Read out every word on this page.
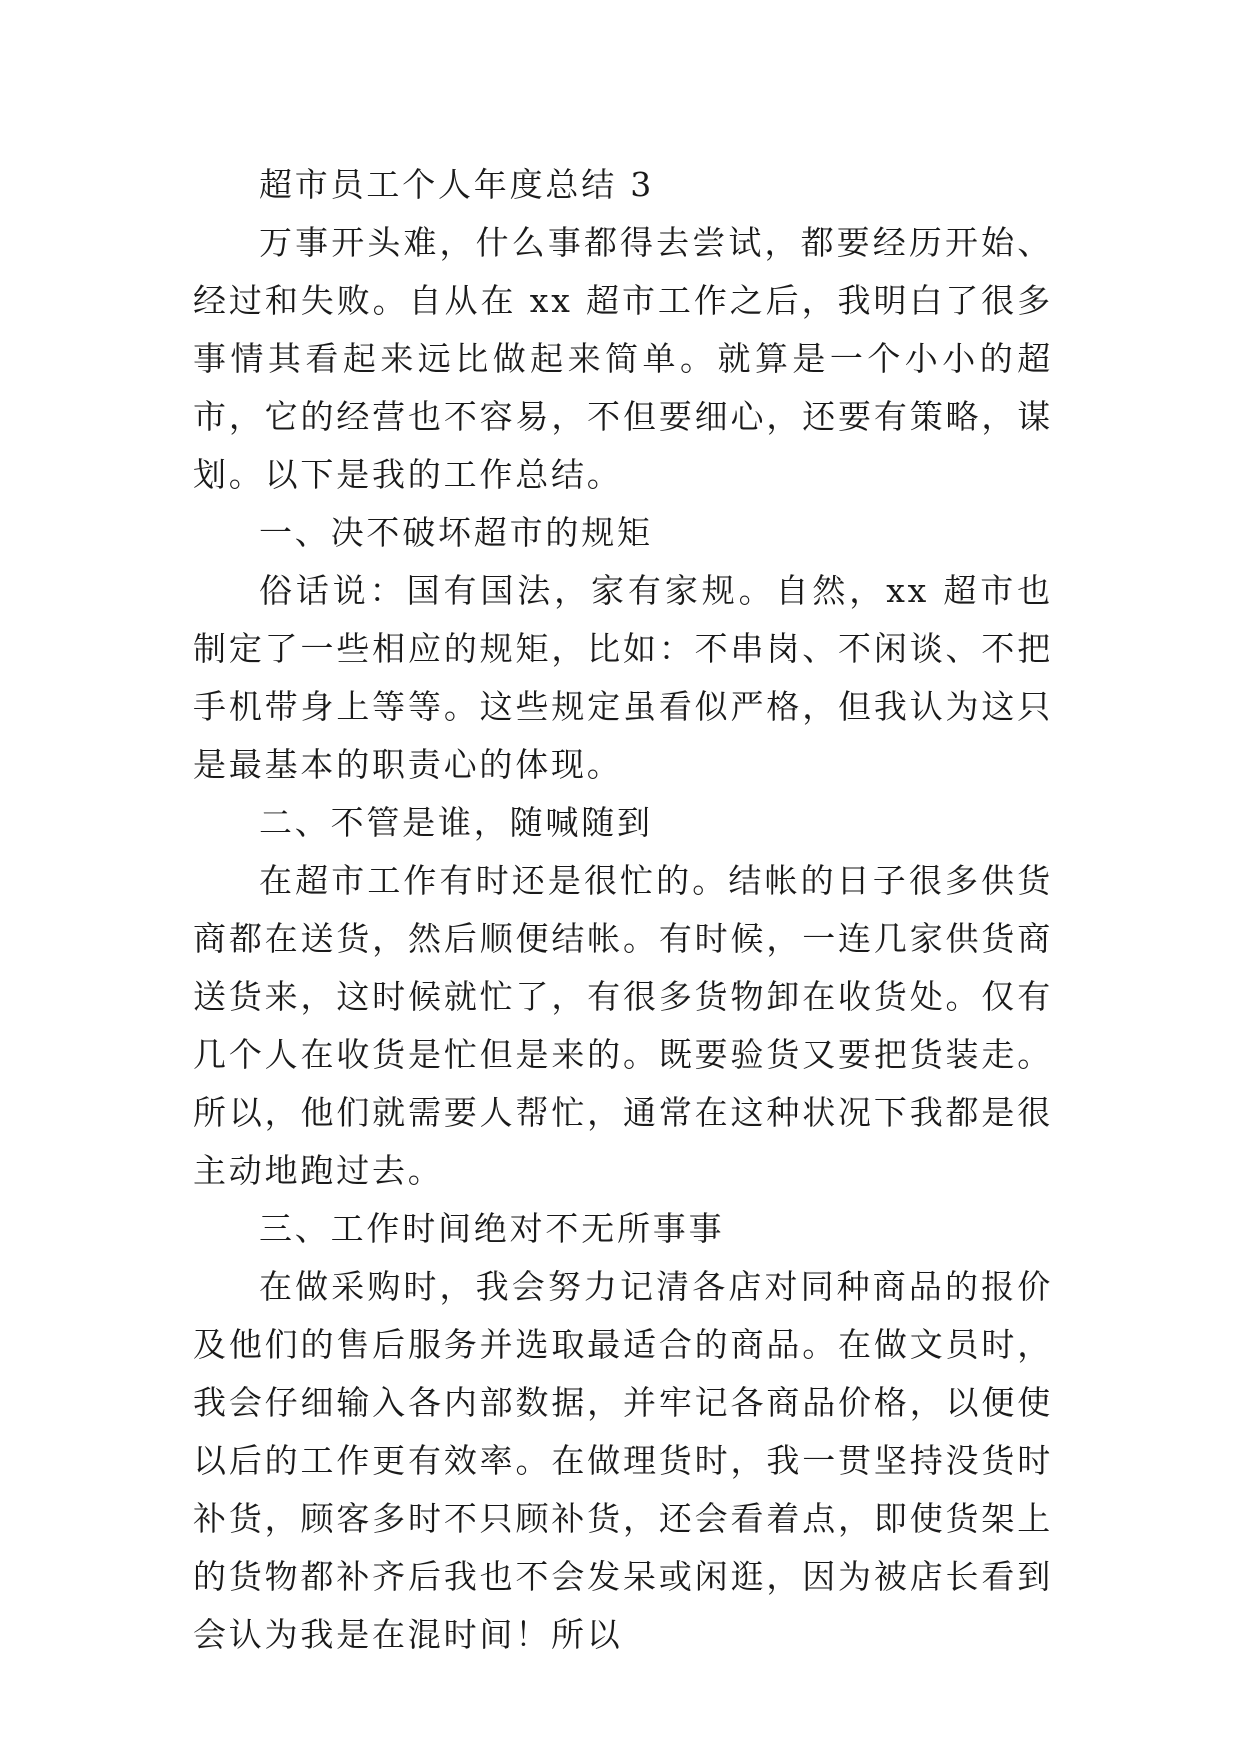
超市员工个人年度总结 3

万事开头难，什么事都得去尝试，都要经历开始、经过和失败。自从在 xx 超市工作之后，我明白了很多事情其看起来远比做起来简单。就算是一个小小的超市，它的经营也不容易，不但要细心，还要有策略，谋划。以下是我的工作总结。

一、决不破坏超市的规矩

俗话说：国有国法，家有家规。自然，xx 超市也制定了一些相应的规矩，比如：不串岗、不闲谈、不把手机带身上等等。这些规定虽看似严格，但我认为这只是最基本的职责心的体现。

二、不管是谁，随喊随到

在超市工作有时还是很忙的。结帐的日子很多供货商都在送货，然后顺便结帐。有时候，一连几家供货商送货来，这时候就忙了，有很多货物卸在收货处。仅有几个人在收货是忙但是来的。既要验货又要把货装走。所以，他们就需要人帮忙，通常在这种状况下我都是很主动地跑过去。

三、工作时间绝对不无所事事

在做采购时，我会努力记清各店对同种商品的报价及他们的售后服务并选取最适合的商品。在做文员时，我会仔细输入各内部数据，并牢记各商品价格，以便使以后的工作更有效率。在做理货时，我一贯坚持没货时补货，顾客多时不只顾补货，还会看着点，即使货架上的货物都补齐后我也不会发呆或闲逛，因为被店长看到会认为我是在混时间！所以
